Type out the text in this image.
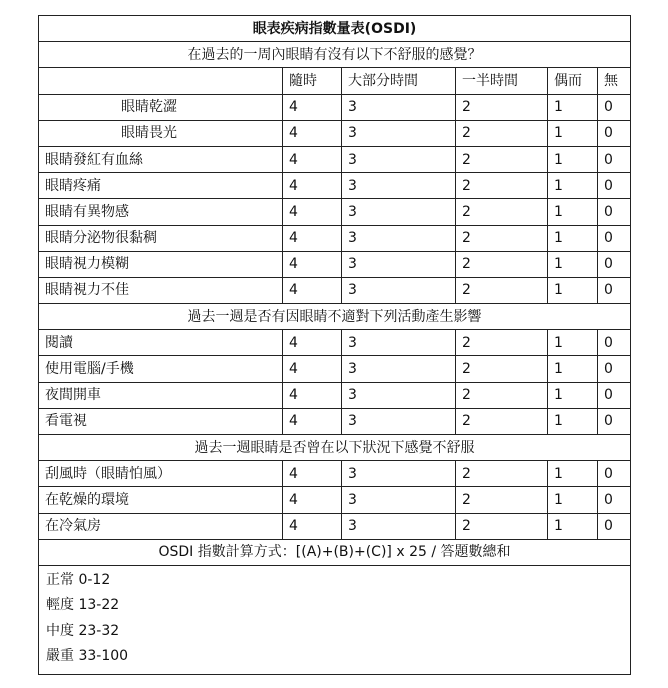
眼表疾病指數量表(OSDI)					
在過去的一周內眼睛有沒有以下不舒服的感覺？					
	隨時	大部分時間	一半時間	偶而	無
眼睛乾澀	4	3	2	1	0
眼睛畏光	4	3	2	1	0
眼睛發紅有血絲	4	3	2	1	0
眼睛疼痛	4	3	2	1	0
眼睛有異物感	4	3	2	1	0
眼睛分泌物很黏稠	4	3	2	1	0
眼睛視力模糊	4	3	2	1	0
眼睛視力不佳	4	3	2	1	0
過去一週是否有因眼睛不適對下列活動產生影響					
閱讀	4	3	2	1	0
使用電腦/手機	4	3	2	1	0
夜間開車	4	3	2	1	0
看電視	4	3	2	1	0
過去一週眼睛是否曾在以下狀況下感覺不舒服					
刮風時（眼睛怕風）	4	3	2	1	0
在乾燥的環境	4	3	2	1	0
在冷氣房	4	3	2	1	0
OSDI 指數計算方式：[(A)+(B)+(C)] x 25 / 答題數總和					

正常 0-12
輕度 13-22
中度 23-32
嚴重 33-100					
